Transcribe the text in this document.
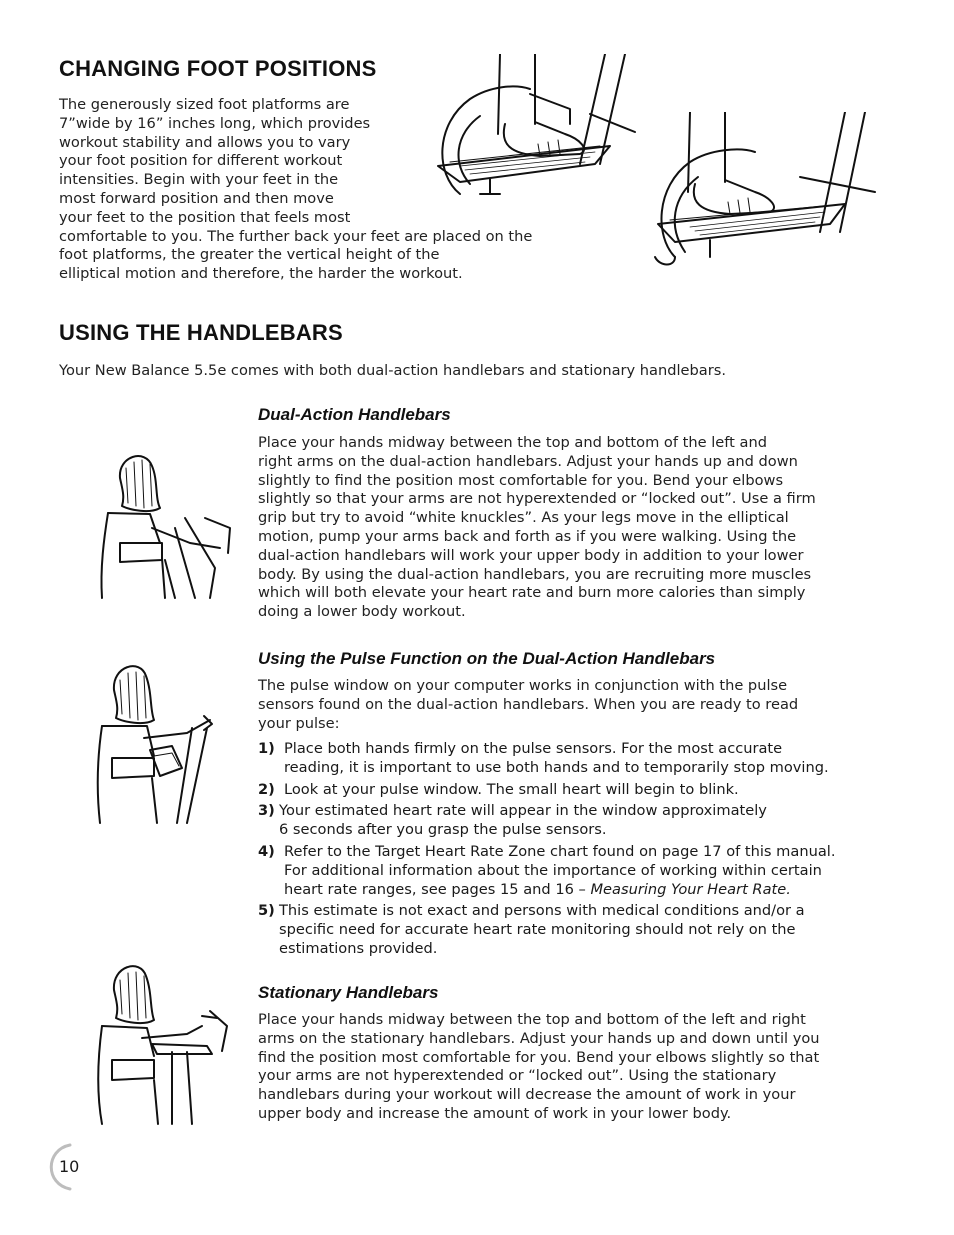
CHANGING FOOT POSITIONS
The generously sized foot platforms are
7”wide by 16” inches long, which provides
workout stability and allows you to vary
your foot position for different workout
intensities. Begin with your feet in the
most forward position and then move
your feet to the position that feels most
comfortable to you. The further back your feet are placed on the
foot platforms, the greater the vertical height of the
elliptical motion and therefore, the harder the workout.
USING THE HANDLEBARS
Your New Balance 5.5e comes with both dual-action handlebars and stationary handlebars.
Dual-Action Handlebars
Place your hands midway between the top and bottom of the left and
right arms on the dual-action handlebars. Adjust your hands up and down
slightly to find the position most comfortable for you. Bend your elbows
slightly so that your arms are not hyperextended or “locked out”. Use a firm
grip but try to avoid “white knuckles”. As your legs move in the elliptical
motion, pump your arms back and forth as if you were walking. Using the
dual-action handlebars will work your upper body in addition to your lower
body. By using the dual-action handlebars, you are recruiting more muscles
which will both elevate your heart rate and burn more calories than simply
doing a lower body workout.
Using the Pulse Function on the Dual-Action Handlebars
The pulse window on your computer works in conjunction with the pulse
sensors found on the dual-action handlebars. When you are ready to read
your pulse:
1) Place both hands firmly on the pulse sensors. For the most accurate
reading, it is important to use both hands and to temporarily stop moving.
2) Look at your pulse window. The small heart will begin to blink.
3) Your estimated heart rate will appear in the window approximately
6 seconds after you grasp the pulse sensors.
4) Refer to the Target Heart Rate Zone chart found on page 17 of this manual.
For additional information about the importance of working within certain
heart rate ranges, see pages 15 and 16 – Measuring Your Heart Rate.
5) This estimate is not exact and persons with medical conditions and/or a
specific need for accurate heart rate monitoring should not rely on the
estimations provided.
Stationary Handlebars
Place your hands midway between the top and bottom of the left and right
arms on the stationary handlebars. Adjust your hands up and down until you
find the position most comfortable for you. Bend your elbows slightly so that
your arms are not hyperextended or “locked out”. Using the stationary
handlebars during your workout will decrease the amount of work in your
upper body and increase the amount of work in your lower body.
10
